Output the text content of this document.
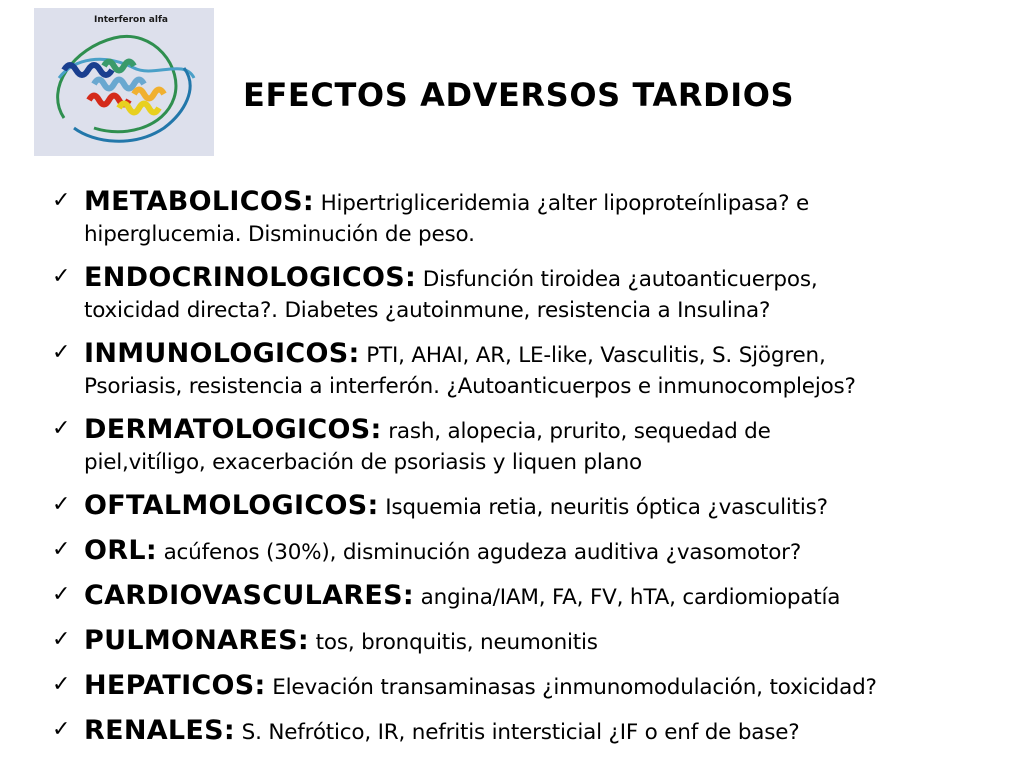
Interferon alfa
EFECTOS ADVERSOS TARDIOS
✓ METABOLICOS: Hipertrigliceridemia ¿alter lipoproteínlipasa? e
hiperglucemia. Disminución de peso.

✓ ENDOCRINOLOGICOS: Disfunción tiroidea ¿autoanticuerpos,
toxicidad directa?. Diabetes ¿autoinmune, resistencia a Insulina?

✓ INMUNOLOGICOS: PTI, AHAI, AR, LE-like, Vasculitis, S. Sjögren,
Psoriasis, resistencia a interferón. ¿Autoanticuerpos e inmunocomplejos?

✓ DERMATOLOGICOS: rash, alopecia, prurito, sequedad de
piel,vitíligo, exacerbación de psoriasis y liquen plano

✓ OFTALMOLOGICOS: Isquemia retia, neuritis óptica ¿vasculitis?

✓ ORL: acúfenos (30%), disminución agudeza auditiva ¿vasomotor?

✓ CARDIOVASCULARES: angina/IAM, FA, FV, hTA, cardiomiopatía

✓ PULMONARES: tos, bronquitis, neumonitis

✓ HEPATICOS: Elevación transaminasas ¿inmunomodulación, toxicidad?

✓ RENALES: S. Nefrótico, IR, nefritis intersticial ¿IF o enf de base?
